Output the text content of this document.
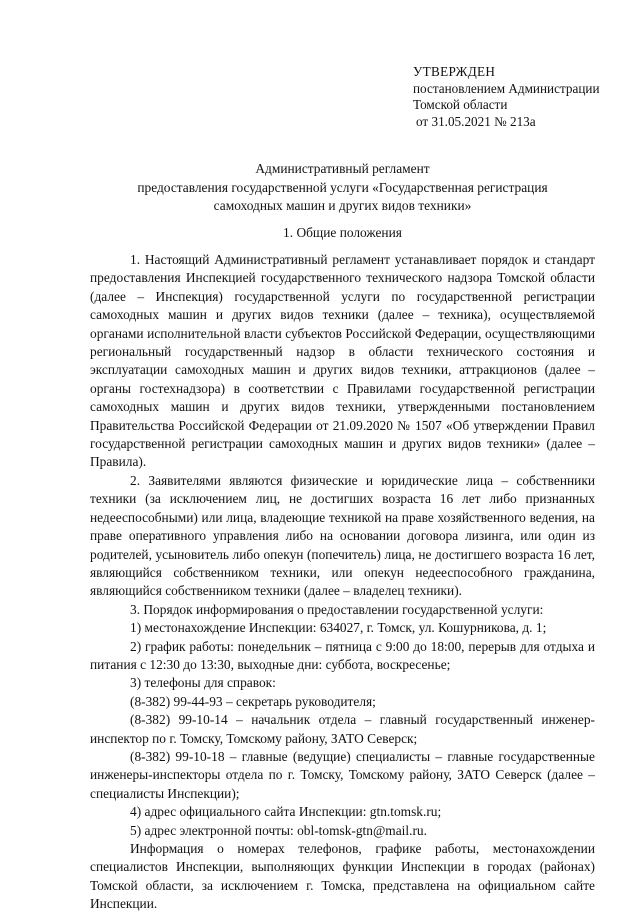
УТВЕРЖДЕН
постановлением Администрации
Томской области
от 31.05.2021 № 213а
Административный регламент
предоставления государственной услуги «Государственная регистрация
самоходных машин и других видов техники»
1. Общие положения

1. Настоящий Административный регламент устанавливает порядок и стандарт предоставления Инспекцией государственного технического надзора Томской области (далее – Инспекция) государственной услуги по государственной регистрации самоходных машин и других видов техники (далее – техника), осуществляемой органами исполнительной власти субъектов Российской Федерации, осуществляющими региональный государственный надзор в области технического состояния и эксплуатации самоходных машин и других видов техники, аттракционов (далее – органы гостехнадзора) в соответствии с Правилами государственной регистрации самоходных машин и других видов техники, утвержденными постановлением Правительства Российской Федерации от 21.09.2020 № 1507 «Об утверждении Правил государственной регистрации самоходных машин и других видов техники» (далее – Правила).

2. Заявителями являются физические и юридические лица – собственники техники (за исключением лиц, не достигших возраста 16 лет либо признанных недееспособными) или лица, владеющие техникой на праве хозяйственного ведения, на праве оперативного управления либо на основании договора лизинга, или один из родителей, усыновитель либо опекун (попечитель) лица, не достигшего возраста 16 лет, являющийся собственником техники, или опекун недееспособного гражданина, являющийся собственником техники (далее – владелец техники).

3. Порядок информирования о предоставлении государственной услуги:

1) местонахождение Инспекции: 634027, г. Томск, ул. Кошурникова, д. 1;

2) график работы: понедельник – пятница с 9:00 до 18:00, перерыв для отдыха и питания с 12:30 до 13:30, выходные дни: суббота, воскресенье;

3) телефоны для справок:

(8-382) 99-44-93 – секретарь руководителя;

(8-382) 99-10-14 – начальник отдела – главный государственный инженер-инспектор по г. Томску, Томскому району, ЗАТО Северск;

(8-382) 99-10-18 – главные (ведущие) специалисты – главные государственные инженеры-инспекторы отдела по г. Томску, Томскому району, ЗАТО Северск (далее – специалисты Инспекции);

4) адрес официального сайта Инспекции: gtn.tomsk.ru;

5) адрес электронной почты: obl-tomsk-gtn@mail.ru.

Информация о номерах телефонов, графике работы, местонахождении специалистов Инспекции, выполняющих функции Инспекции в городах (районах) Томской области, за исключением г. Томска, представлена на официальном сайте Инспекции.
